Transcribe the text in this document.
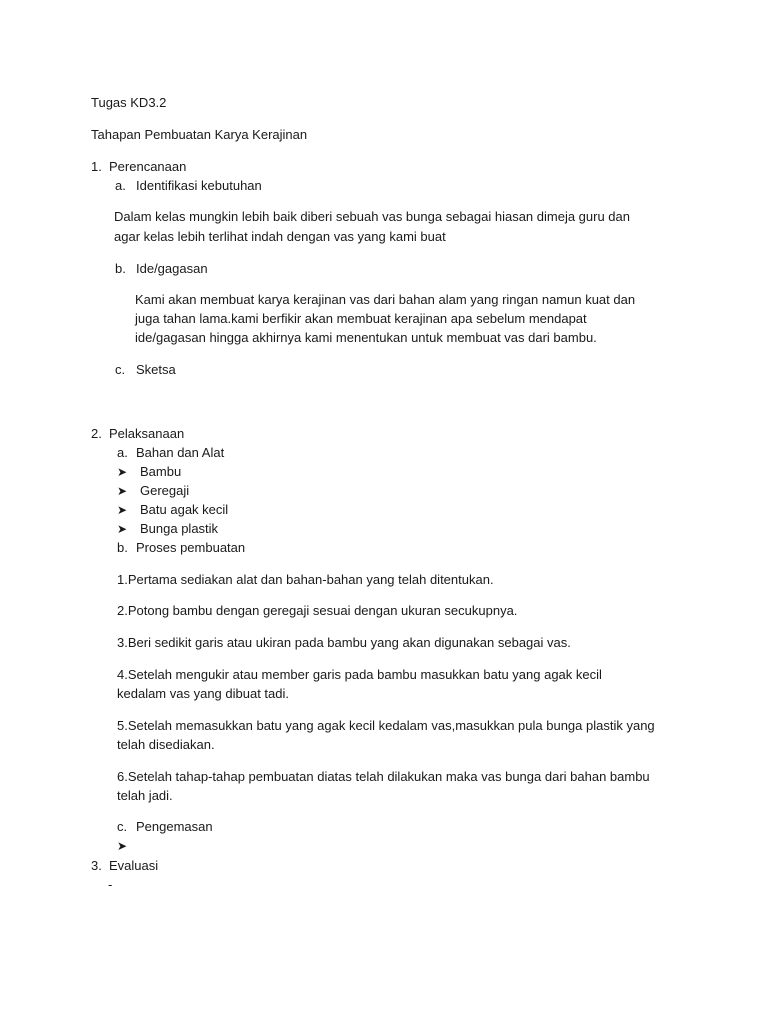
Tugas KD3.2
Tahapan Pembuatan Karya Kerajinan
1. Perencanaan
a. Identifikasi kebutuhan
Dalam kelas mungkin lebih baik diberi sebuah vas bunga sebagai hiasan dimeja guru dan
agar kelas lebih terlihat indah dengan vas yang kami buat
b. Ide/gagasan
Kami akan membuat karya kerajinan vas dari bahan alam yang ringan namun kuat dan
juga tahan lama.kami berfikir akan membuat kerajinan apa sebelum mendapat
ide/gagasan hingga akhirnya kami menentukan untuk membuat vas dari bambu.
c. Sketsa
2. Pelaksanaan
a. Bahan dan Alat
➤ Bambu
➤ Geregaji
➤ Batu agak kecil
➤ Bunga plastik
b. Proses pembuatan
1.Pertama sediakan alat dan bahan-bahan yang telah ditentukan.
2.Potong bambu dengan geregaji sesuai dengan ukuran secukupnya.
3.Beri sedikit garis atau ukiran pada bambu yang akan digunakan sebagai vas.
4.Setelah mengukir atau member garis pada bambu masukkan batu yang agak kecil
kedalam vas yang dibuat tadi.
5.Setelah memasukkan batu yang agak kecil kedalam vas,masukkan pula bunga plastik yang
telah disediakan.
6.Setelah tahap-tahap pembuatan diatas telah dilakukan maka vas bunga dari bahan bambu
telah jadi.
c. Pengemasan
➤
3. Evaluasi
-
